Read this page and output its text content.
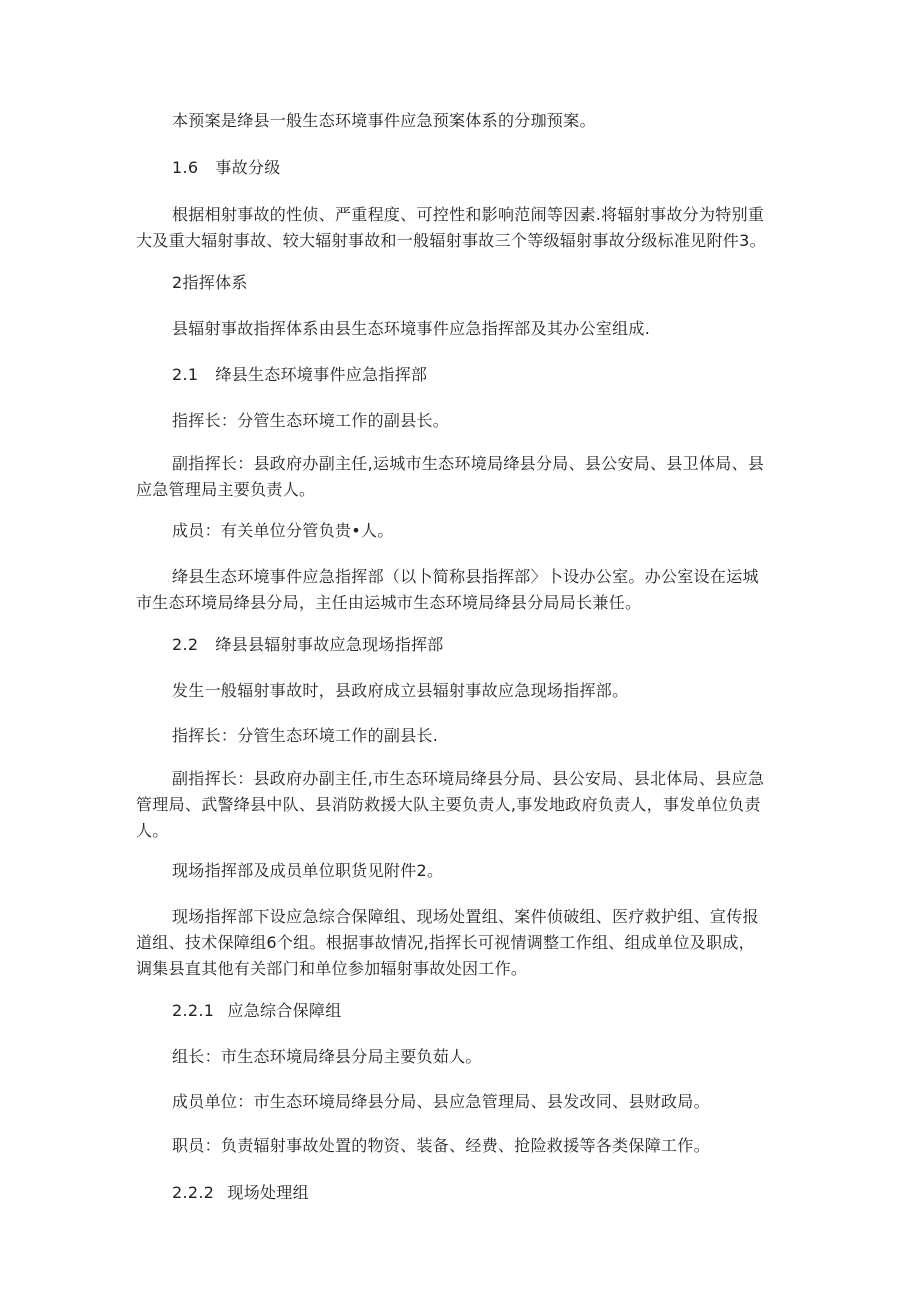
本预案是绛县一般生态环境事件应急预案体系的分珈预案。

1.6 事故分级

根据相射事故的性侦、严重程度、可控性和影响范闹等因素.将辐射事故分为特别重
大及重大辐射事故、较大辐射事故和一般辐射事故三个等级辐射事故分级标准见附件3。

2指挥体系

县辐射事故指挥体系由县生态环境事件应急指挥部及其办公室组成.

2.1 绛县生态环境事件应急指挥部

指挥长：分管生态环境工作的副县长。

副指挥长：县政府办副主任,运城市生态环境局绛县分局、县公安局、县卫体局、县
应急管理局主要负责人。

成员：有关单位分管负贵•人。

绛县生态环境事件应急指挥部（以卜简称县指挥部〉卜设办公室。办公室设在运城
市生态环境局绛县分局，主任由运城市生态环境局绛县分局局长兼任。

2.2 绛县县辐射事故应急现场指挥部

发生一般辐射事故时，县政府成立县辐射事故应急现场指挥部。

指挥长：分管生态环境工作的副县长.

副指挥长：县政府办副主任,市生态环境局绛县分局、县公安局、县北体局、县应急
管理局、武警绛县中队、县消防救援大队主要负责人,事发地政府负责人，事发单位负责
人。

现场指挥部及成员单位职货见附件2。

现场指挥部下设应急综合保障组、现场处置组、案件侦破组、医疗救护组、宣传报
道组、技术保障组6个组。根据事故情况,指挥长可视情调整工作组、组成单位及职成，
调集县直其他有关部门和单位参加辐射事故处因工作。

2.2.1 应急综合保障组

组长：市生态环境局绛县分局主要负茹人。

成员单位：市生态环境局绛县分局、县应急管理局、县发改同、县财政局。

职员：负责辐射事故处置的物资、装备、经费、抢险救援等各类保障工作。

2.2.2 现场处理组
